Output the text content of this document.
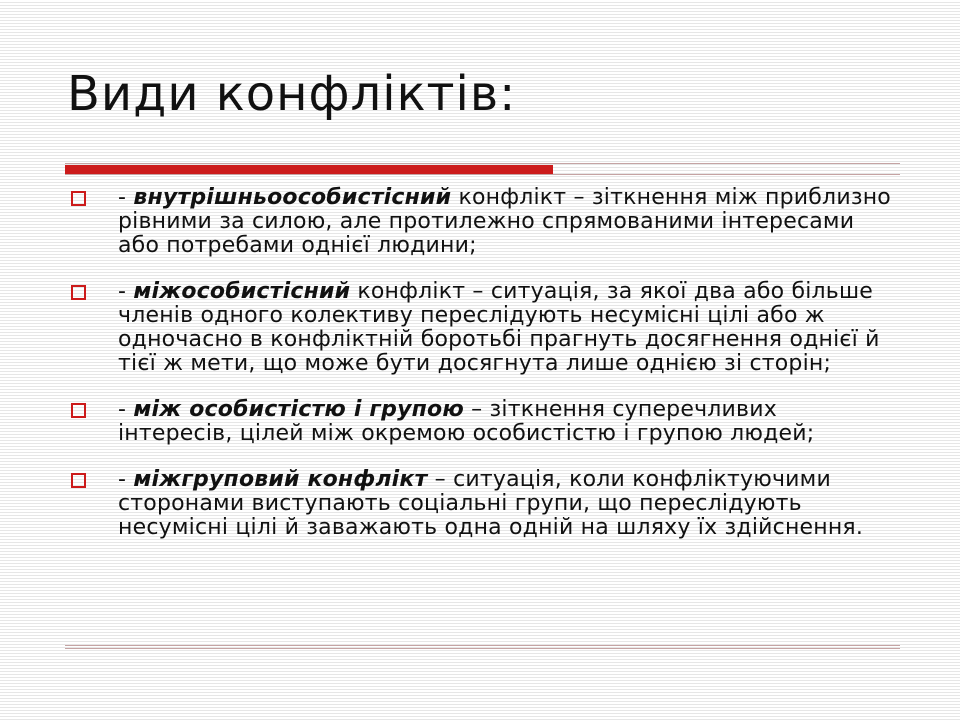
Види конфліктів:
- внутрішньоособистісний конфлікт – зіткнення між приблизно рівними за силою, але протилежно спрямованими інтересами або потребами однієї людини;
- міжособистісний конфлікт – ситуація, за якої два або більше членів одного колективу переслідують несумісні цілі або ж одночасно в конфліктній боротьбі прагнуть досягнення однієї й тієї ж мети, що може бути досягнута лише однією зі сторін;
- між особистістю і групою – зіткнення суперечливих інтересів, цілей між окремою особистістю і групою людей;
- міжгруповий конфлікт – ситуація, коли конфліктуючими сторонами виступають соціальні групи, що переслідують несумісні цілі й заважають одна одній на шляху їх здійснення.
